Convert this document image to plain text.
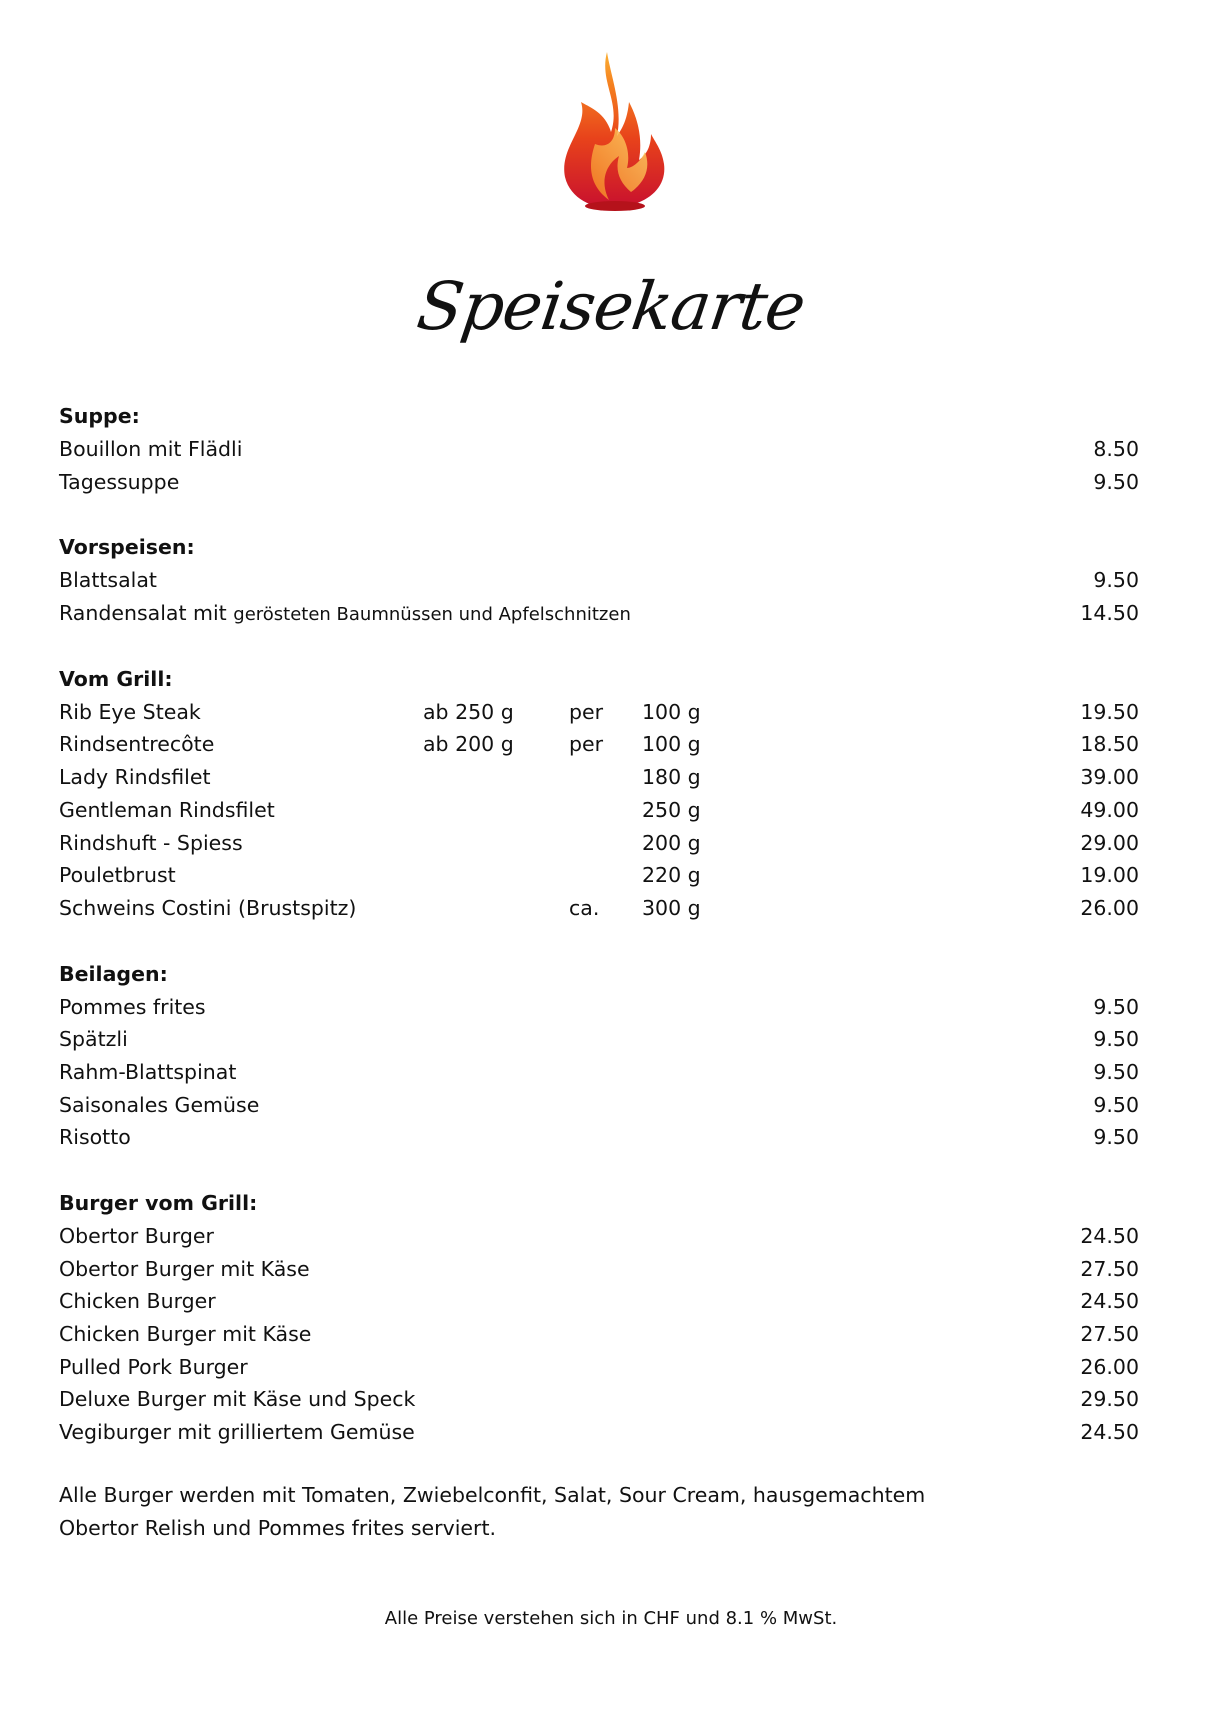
Speisekarte
Suppe:
Bouillon mit Flädli	8.50
Tagessuppe	9.50
Vorspeisen:
Blattsalat	9.50
Randensalat mit gerösteten Baumnüssen und Apfelschnitzen	14.50
Vom Grill:
Rib Eye Steak	ab 250 g	per 100 g	19.50
Rindsentrecôte	ab 200 g	per 100 g	18.50
Lady Rindsfilet	180 g	39.00
Gentleman Rindsfilet	250 g	49.00
Rindshuft - Spiess	200 g	29.00
Pouletbrust	220 g	19.00
Schweins Costini (Brustspitz)	ca. 300 g	26.00
Beilagen:
Pommes frites	9.50
Spätzli	9.50
Rahm-Blattspinat	9.50
Saisonales Gemüse	9.50
Risotto	9.50
Burger vom Grill:
Obertor Burger	24.50
Obertor Burger mit Käse	27.50
Chicken Burger	24.50
Chicken Burger mit Käse	27.50
Pulled Pork Burger	26.00
Deluxe Burger mit Käse und Speck	29.50
Vegiburger mit grilliertem Gemüse	24.50
Alle Burger werden mit Tomaten, Zwiebelconfit, Salat, Sour Cream, hausgemachtem
Obertor Relish und Pommes frites serviert.
Alle Preise verstehen sich in CHF und 8.1 % MwSt.
